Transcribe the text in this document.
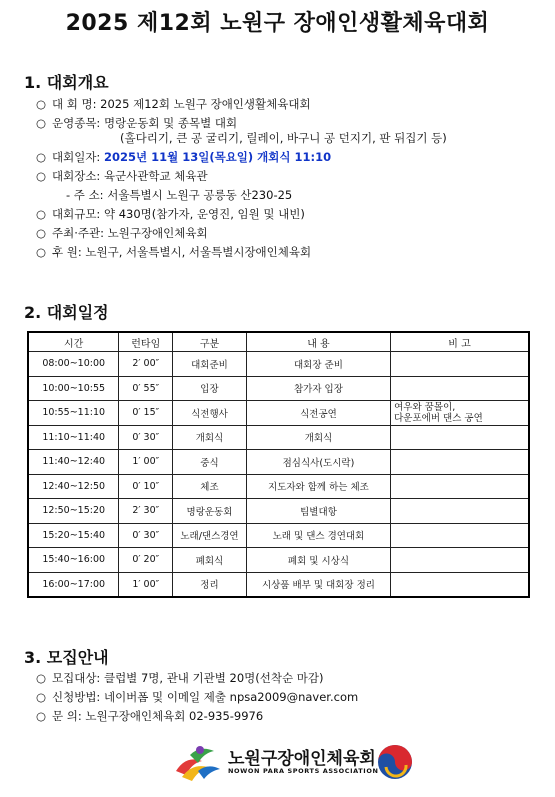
2025 제12회 노원구 장애인생활체육대회
1. 대회개요
○ 대 회 명:
2025 제12회 노원구 장애인생활체육대회
○ 운영종목:
명랑운동회 및 종목별 대회
(홀다리기, 큰 공 굴리기, 릴레이, 바구니 공 던지기, 판 뒤집기 등)
○ 대회일자:
2025년 11월 13일(목요일) 개회식 11:10
○ 대회장소:
육군사관학교 체육관
- 주 소:
서울특별시 노원구 공릉동 산230-25
○ 대회규모:
약 430명(참가자, 운영진, 임원 및 내빈)
○ 주최·주관:
노원구장애인체육회
○ 후 원:
노원구, 서울특별시, 서울특별시장애인체육회
2. 대회일정
시간	런타임	구분	내 용	비 고
08:00~10:00	2′ 00″	대회준비	대회장 준비	
10:00~10:55	0′ 55″	입장	참가자 입장	
10:55~11:10	0′ 15″	식전행사	식전공연	여우와 꿈몰이,
다운포에버 댄스 공연
11:10~11:40	0′ 30″	개회식	개회식	
11:40~12:40	1′ 00″	중식	점심식사(도시락)	
12:40~12:50	0′ 10″	체조	지도자와 함께 하는 체조	
12:50~15:20	2′ 30″	명랑운동회	팀별대항	
15:20~15:40	0′ 30″	노래/댄스경연	노래 및 댄스 경연대회	
15:40~16:00	0′ 20″	폐회식	폐회 및 시상식	
16:00~17:00	1′ 00″	정리	시상품 배부 및 대회장 정리	
3. 모집안내
○ 모집대상:
클럽별 7명, 관내 기관별 20명(선착순 마감)
○ 신청방법:
네이버폼 및 이메일 제출 npsa2009@naver.com
○ 문 의:
노원구장애인체육회 02-935-9976
노원구장애인체육회
NOWON PARA SPORTS ASSOCIATION
